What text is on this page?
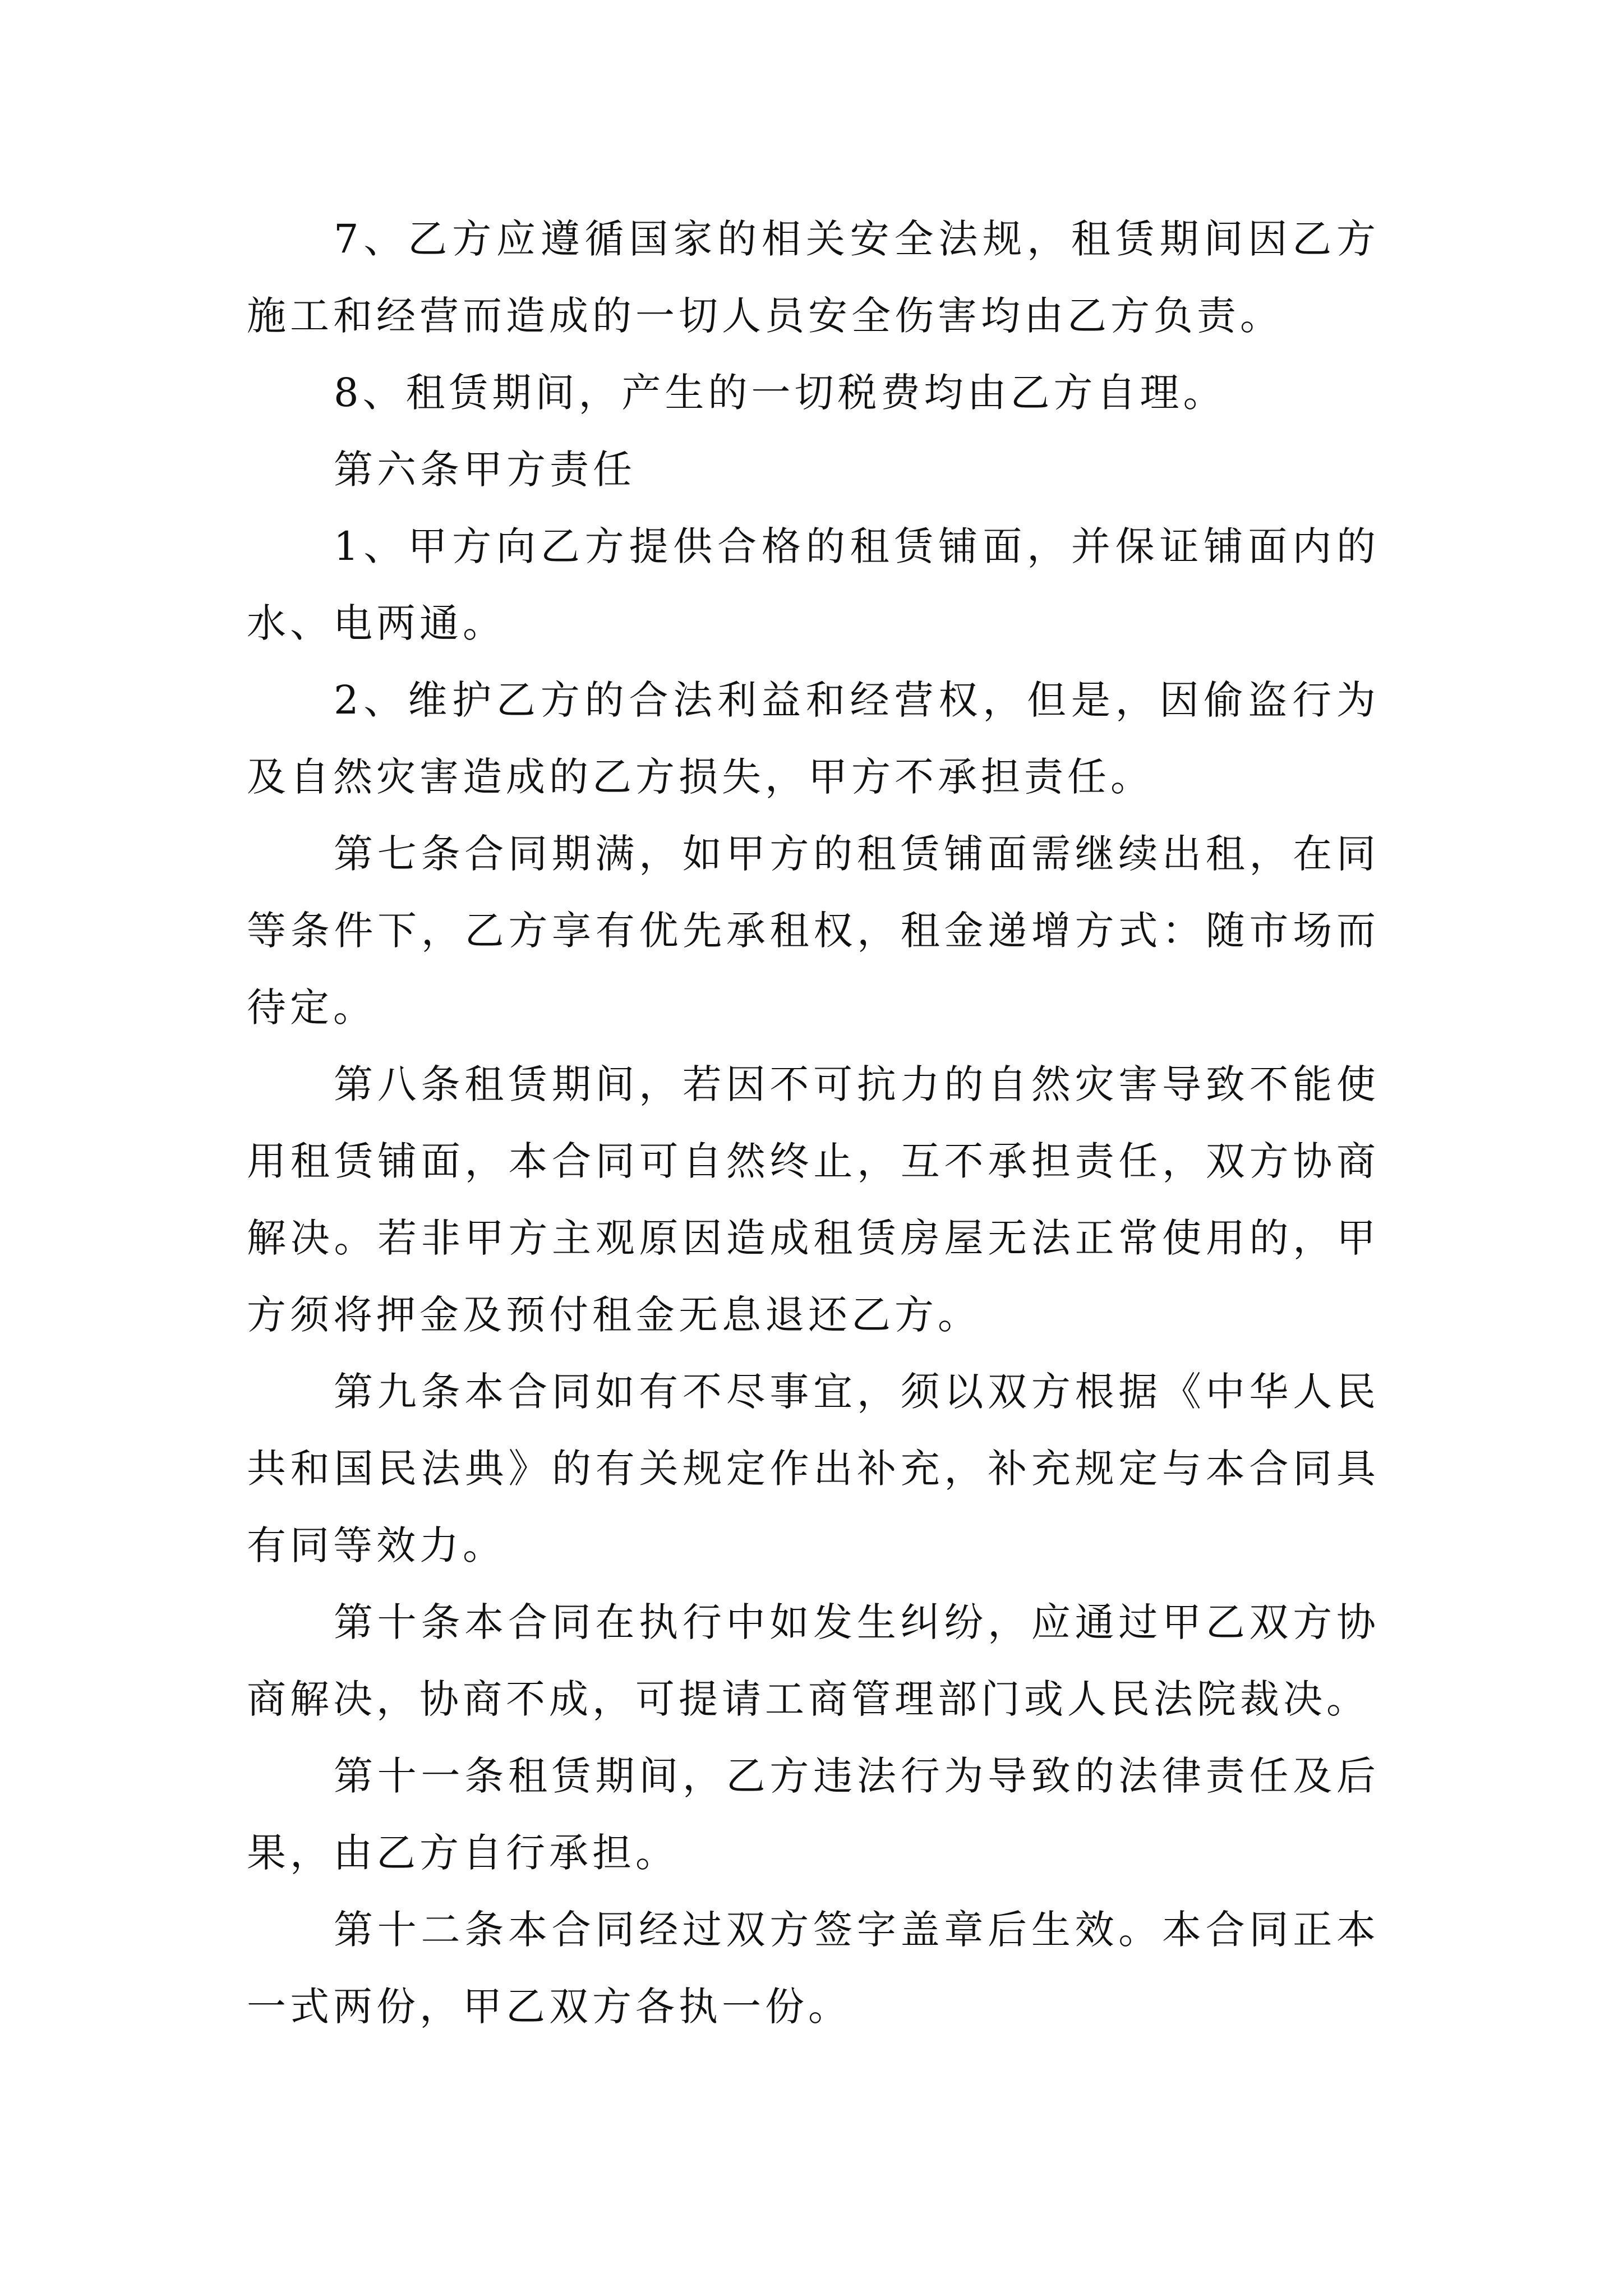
7、乙方应遵循国家的相关安全法规，租赁期间因乙方施工和经营而造成的一切人员安全伤害均由乙方负责。

8、租赁期间，产生的一切税费均由乙方自理。

第六条甲方责任

1、甲方向乙方提供合格的租赁铺面，并保证铺面内的水、电两通。

2、维护乙方的合法利益和经营权，但是，因偷盗行为及自然灾害造成的乙方损失，甲方不承担责任。

第七条合同期满，如甲方的租赁铺面需继续出租，在同等条件下，乙方享有优先承租权，租金递增方式：随市场而待定。

第八条租赁期间，若因不可抗力的自然灾害导致不能使用租赁铺面，本合同可自然终止，互不承担责任，双方协商解决。若非甲方主观原因造成租赁房屋无法正常使用的，甲方须将押金及预付租金无息退还乙方。

第九条本合同如有不尽事宜，须以双方根据《中华人民共和国民法典》的有关规定作出补充，补充规定与本合同具有同等效力。

第十条本合同在执行中如发生纠纷，应通过甲乙双方协商解决，协商不成，可提请工商管理部门或人民法院裁决。

第十一条租赁期间，乙方违法行为导致的法律责任及后果，由乙方自行承担。

第十二条本合同经过双方签字盖章后生效。本合同正本一式两份，甲乙双方各执一份。
